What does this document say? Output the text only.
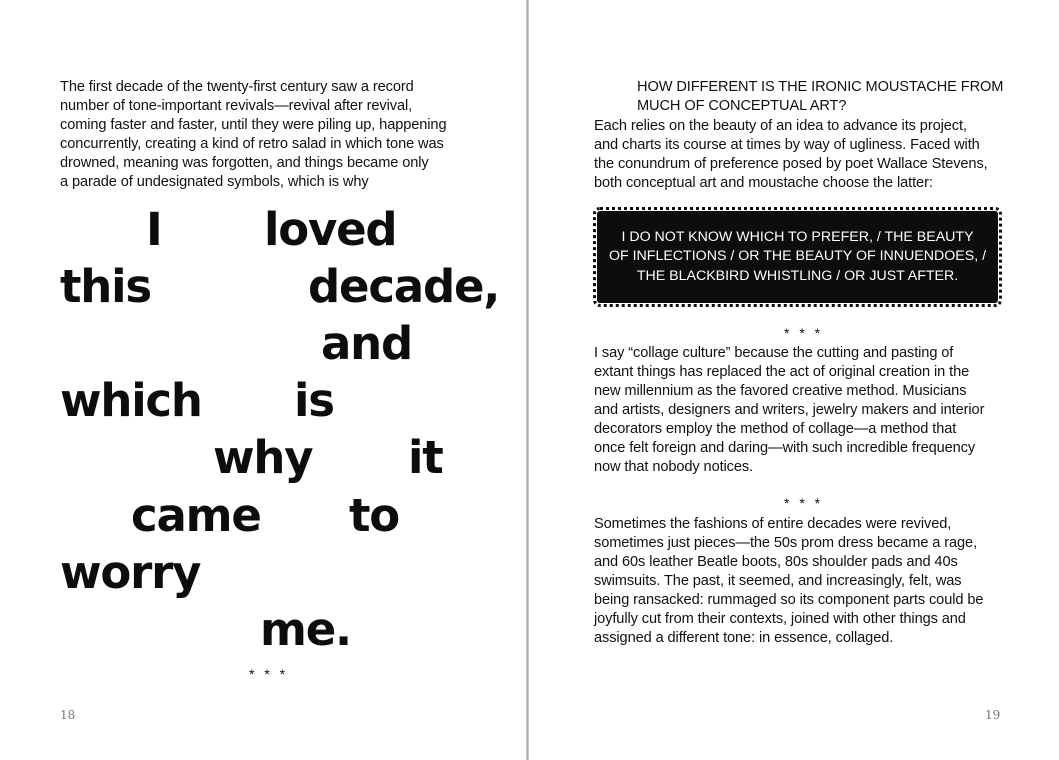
The first decade of the twenty-first century saw a record
number of tone-important revivals—revival after revival,
coming faster and faster, until they were piling up, happening
concurrently, creating a kind of retro salad in which tone was
drowned, meaning was forgotten, and things became only
a parade of undesignated symbols, which is why
I loved
this	decade,
and
which is
why it
came to
worry
me.
* * *
18
HOW DIFFERENT IS THE IRONIC MOUSTACHE FROM
MUCH OF CONCEPTUAL ART?
Each relies on the beauty of an idea to advance its project,
and charts its course at times by way of ugliness. Faced with
the conundrum of preference posed by poet Wallace Stevens,
both conceptual art and moustache choose the latter:
I DO NOT KNOW WHICH TO PREFER, / THE BEAUTY
OF INFLECTIONS / OR THE BEAUTY OF INNUENDOES, /
THE BLACKBIRD WHISTLING / OR JUST AFTER.
* * *
I say “collage culture” because the cutting and pasting of
extant things has replaced the act of original creation in the
new millennium as the favored creative method. Musicians
and artists, designers and writers, jewelry makers and interior
decorators employ the method of collage—a method that
once felt foreign and daring—with such incredible frequency
now that nobody notices.
* * *
Sometimes the fashions of entire decades were revived,
sometimes just pieces—the 50s prom dress became a rage,
and 60s leather Beatle boots, 80s shoulder pads and 40s
swimsuits. The past, it seemed, and increasingly, felt, was
being ransacked: rummaged so its component parts could be
joyfully cut from their contexts, joined with other things and
assigned a different tone: in essence, collaged.
19
